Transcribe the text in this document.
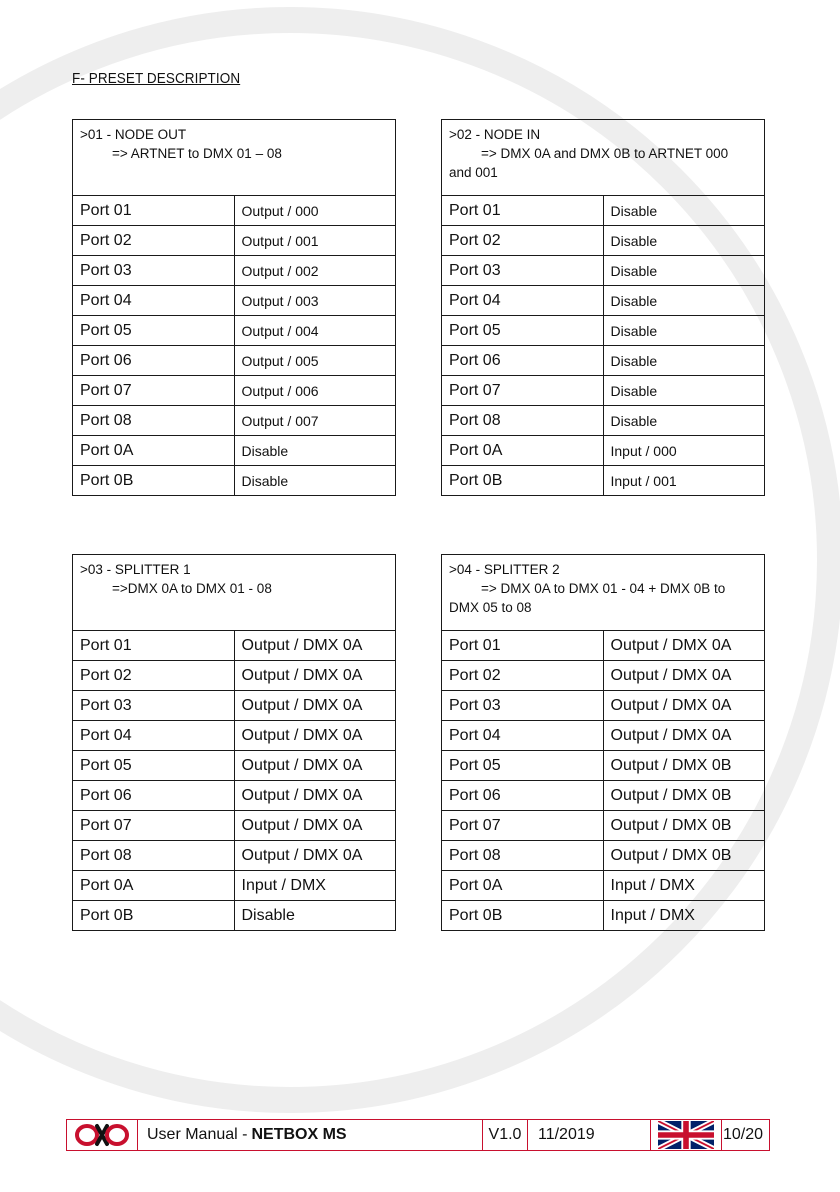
F- PRESET DESCRIPTION
>01 - NODE OUT
=> ARTNET to DMX 01 – 08	

Port 01	Output / 000
Port 02	Output / 001
Port 03	Output / 002
Port 04	Output / 003
Port 05	Output / 004
Port 06	Output / 005
Port 07	Output / 006
Port 08	Output / 007
Port 0A	Disable
Port 0B	Disable
>02 - NODE IN
=> DMX 0A and DMX 0B to ARTNET 000
and 001	
Port 01	Disable
Port 02	Disable
Port 03	Disable
Port 04	Disable
Port 05	Disable
Port 06	Disable
Port 07	Disable
Port 08	Disable
Port 0A	Input / 000
Port 0B	Input / 001
>03 - SPLITTER 1
=>DMX 0A to DMX 01 - 08	

Port 01	Output / DMX 0A
Port 02	Output / DMX 0A
Port 03	Output / DMX 0A
Port 04	Output / DMX 0A
Port 05	Output / DMX 0A
Port 06	Output / DMX 0A
Port 07	Output / DMX 0A
Port 08	Output / DMX 0A
Port 0A	Input / DMX
Port 0B	Disable
>04 - SPLITTER 2
=> DMX 0A to DMX 01 - 04 + DMX 0B to
DMX 05 to 08	
Port 01	Output / DMX 0A
Port 02	Output / DMX 0A
Port 03	Output / DMX 0A
Port 04	Output / DMX 0A
Port 05	Output / DMX 0B
Port 06	Output / DMX 0B
Port 07	Output / DMX 0B
Port 08	Output / DMX 0B
Port 0A	Input / DMX
Port 0B	Input / DMX
User Manual - NETBOX MS	V1.0	11/2019	10/20
